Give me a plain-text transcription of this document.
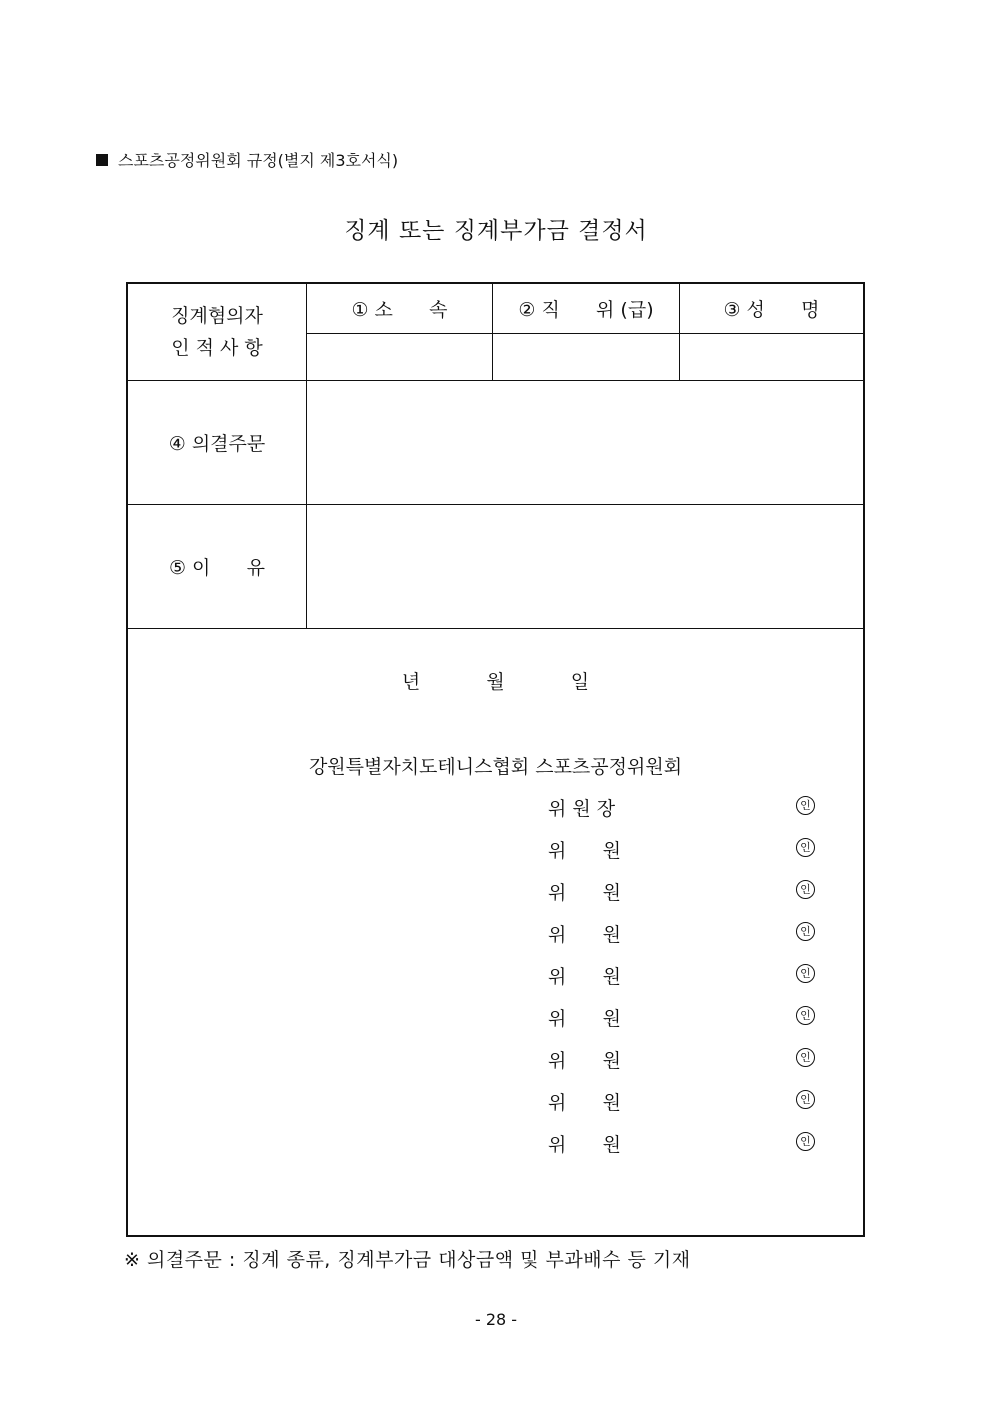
스포츠공정위원회 규정(별지 제3호서식)
징계 또는 징계부가금 결정서
징계혐의자
인 적 사 항
① 소      속	② 직      위 (급)	③ 성      명
④ 의결주문
⑤ 이      유
년	월	일
강원특별자치도테니스협회 스포츠공정위원회
위 원 장	인
위      원	인
위      원	인
위      원	인
위      원	인
위      원	인
위      원	인
위      원	인
위      원	인
※ 의결주문 : 징계 종류, 징계부가금 대상금액 및 부과배수 등 기재
- 28 -
